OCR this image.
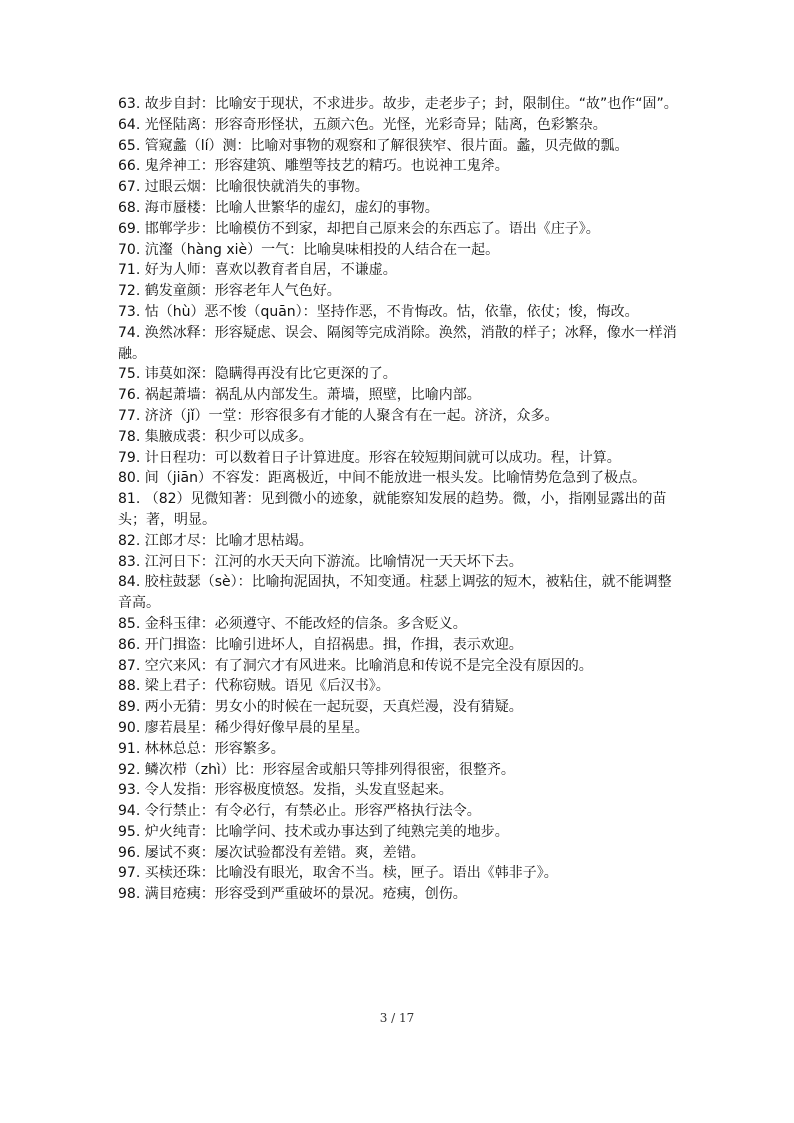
63. 故步自封：比喻安于现状，不求进步。故步，走老步子；封，限制住。“故”也作“固”。

64. 光怪陆离：形容奇形怪状，五颜六色。光怪，光彩奇异；陆离，色彩繁杂。

65. 管窥蠡（lí）测：比喻对事物的观察和了解很狭窄、很片面。蠡，贝壳做的瓢。

66. 鬼斧神工：形容建筑、雕塑等技艺的精巧。也说神工鬼斧。

67. 过眼云烟：比喻很快就消失的事物。

68. 海市蜃楼：比喻人世繁华的虚幻，虚幻的事物。

69. 邯郸学步：比喻模仿不到家，却把自己原来会的东西忘了。语出《庄子》。

70. 沆瀣（hàng xiè）一气：比喻臭味相投的人结合在一起。

71. 好为人师：喜欢以教育者自居，不谦虚。

72. 鹤发童颜：形容老年人气色好。

73. 怙（hù）恶不悛（quān）：坚持作恶，不肯悔改。怙，依靠，依仗；悛，悔改。

74. 涣然冰释：形容疑虑、误会、隔阂等完成消除。涣然，消散的样子；冰释，像水一样消融。

75. 讳莫如深：隐瞒得再没有比它更深的了。

76. 祸起萧墙：祸乱从内部发生。萧墙，照壁，比喻内部。

77. 济济（jǐ）一堂：形容很多有才能的人聚含有在一起。济济，众多。

78. 集腋成裘：积少可以成多。

79. 计日程功：可以数着日子计算进度。形容在较短期间就可以成功。程，计算。

80. 间（jiān）不容发：距离极近，中间不能放进一根头发。比喻情势危急到了极点。

81. （82）见微知著：见到微小的迹象，就能察知发展的趋势。微，小，指刚显露出的苗头；著，明显。

82. 江郎才尽：比喻才思枯竭。

83. 江河日下：江河的水天天向下游流。比喻情况一天天坏下去。

84. 胶柱鼓瑟（sè）：比喻拘泥固执，不知变通。柱瑟上调弦的短木，被粘住，就不能调整音高。

85. 金科玉律：必须遵守、不能改烃的信条。多含贬义。

86. 开门揖盗：比喻引进坏人，自招祸患。揖，作揖，表示欢迎。

87. 空穴来风：有了洞穴才有风进来。比喻消息和传说不是完全没有原因的。

88. 梁上君子：代称窃贼。语见《后汉书》。

89. 两小无猜：男女小的时候在一起玩耍，天真烂漫，没有猜疑。

90. 廖若晨星：稀少得好像早晨的星星。

91. 林林总总：形容繁多。

92. 鳞次栉（zhì）比：形容屋舍或船只等排列得很密，很整齐。

93. 令人发指：形容极度愤怒。发指，头发直竖起来。

94. 令行禁止：有令必行，有禁必止。形容严格执行法令。

95. 炉火纯青：比喻学问、技术或办事达到了纯熟完美的地步。

96. 屡试不爽：屡次试验都没有差错。爽，差错。

97. 买椟还珠：比喻没有眼光，取舍不当。椟，匣子。语出《韩非子》。

98. 满目疮痍：形容受到严重破坏的景况。疮痍，创伤。

3 / 17
